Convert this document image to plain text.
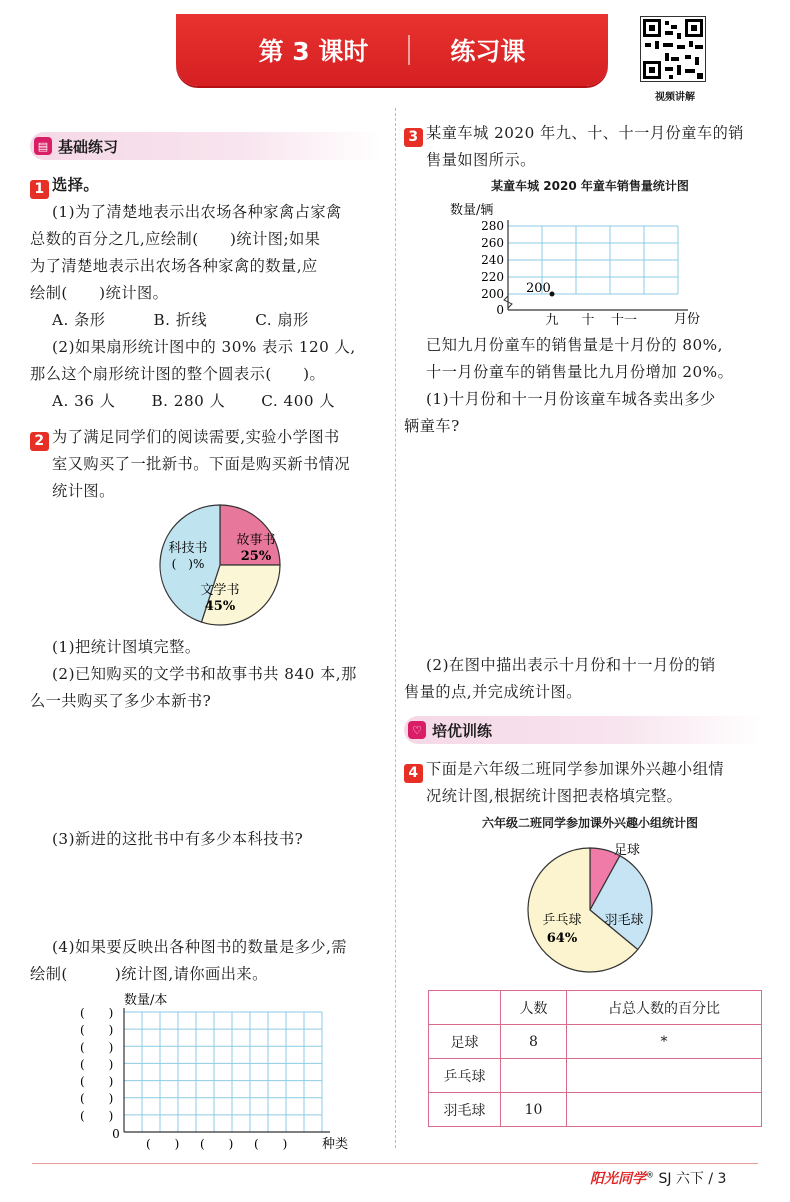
第 3 课时	练习课
视频讲解
▤ 基础练习
1 选择。
(1)为了清楚地表示出农场各种家禽占家禽
总数的百分之几,应绘制(　　)统计图;如果
为了清楚地表示出农场各种家禽的数量,应
绘制(　　)统计图。
A. 条形	B. 折线	C. 扇形
(2)如果扇形统计图中的 30% 表示 120 人,
那么这个扇形统计图的整个圆表示(　　)。
A. 36 人 B. 280 人 C. 400 人
2 为了满足同学们的阅读需要,实验小学图书
室又购买了一批新书。下面是购买新书情况
统计图。
故事书
25%
科技书
(　)%
文学书
45%
(1)把统计图填完整。
(2)已知购买的文学书和故事书共 840 本,那
么一共购买了多少本新书?
(3)新进的这批书中有多少本科技书?
(4)如果要反映出各种图书的数量是多少,需
绘制(　　　)统计图,请你画出来。
数量/本
(　　)
(　　)
(　　)
(　　)
(　　)
(　　)
(　　)
0
(　　) (　　) (　　)	种类
3 某童车城 2020 年九、十、十一月份童车的销
售量如图所示。
某童车城 2020 年童车销售量统计图
数量/辆
0
200
220
240
260
280
九 十 十一
200
月份
已知九月份童车的销售量是十月份的 80%,
十一月份童车的销售量比九月份增加 20%。
(1)十月份和十一月份该童车城各卖出多少
辆童车?
(2)在图中描出表示十月份和十一月份的销
售量的点,并完成统计图。
♡ 培优训练
4 下面是六年级二班同学参加课外兴趣小组情
况统计图,根据统计图把表格填完整。
六年级二班同学参加课外兴趣小组统计图
足球
羽毛球
乒乓球
64%
	人数	占总人数的百分比
足球	8	*
乒乓球		
羽毛球	10	
阳光同学® SJ 六下 / 3
